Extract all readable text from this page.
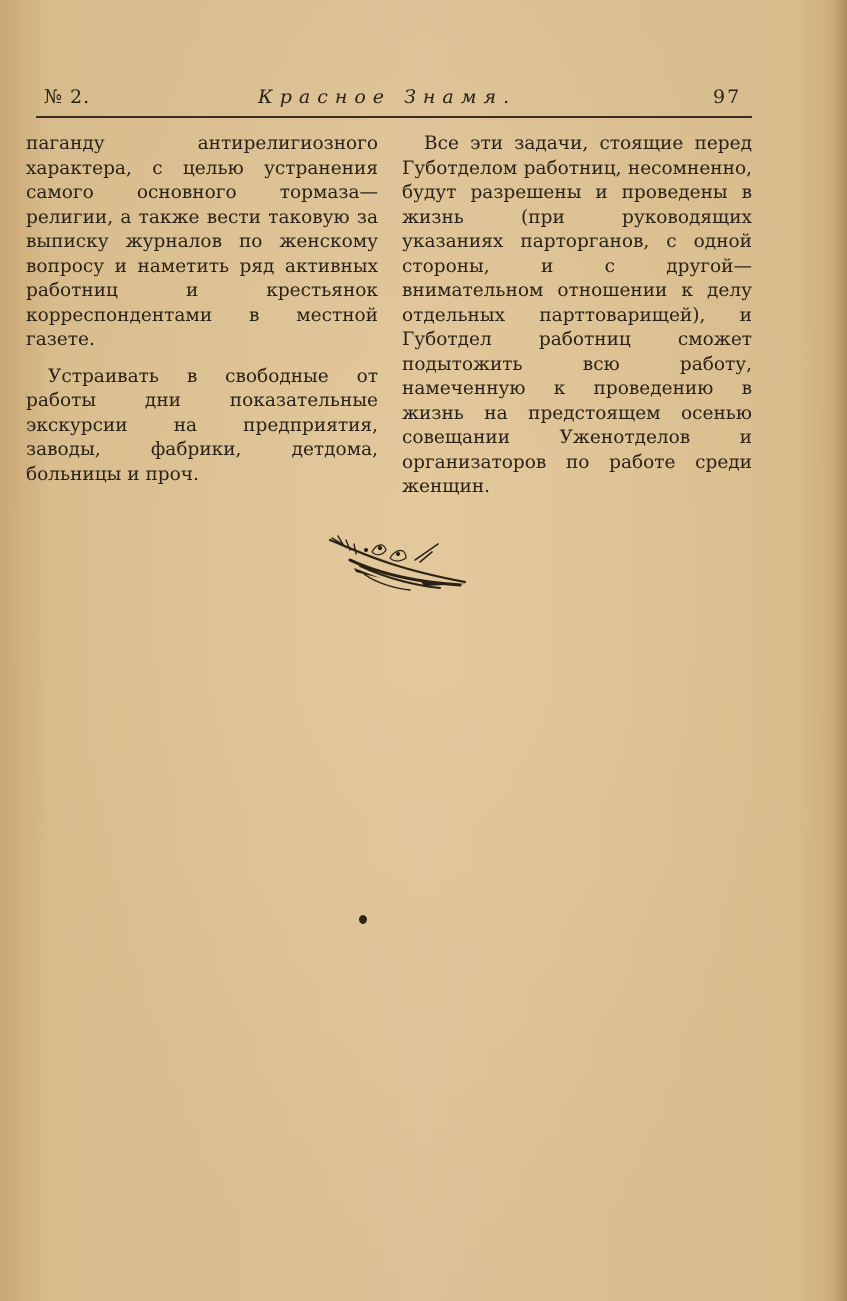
№ 2.	Красное Знамя.	97

паганду антирелигиозного характера, с целью устранения самого основного тормаза—религии, а также вести таковую за выписку журналов по женскому вопросу и наметить ряд активных работниц и крестьянок корреспондентами в местной газете.

Устраивать в свободные от работы дни показательные экскурсии на предприятия, заводы, фабрики, детдома, больницы и проч.

Все эти задачи, стоящие перед Губотделом работниц, несомненно, будут разрешены и проведены в жизнь (при руководящих указаниях парторганов, с одной стороны, и с другой—внимательном отношении к делу отдельных парттоварищей), и Губотдел работниц сможет подытожить всю работу, намеченную к проведению в жизнь на предстоящем осенью совещании Уженотделов и организаторов по работе среди женщин.
